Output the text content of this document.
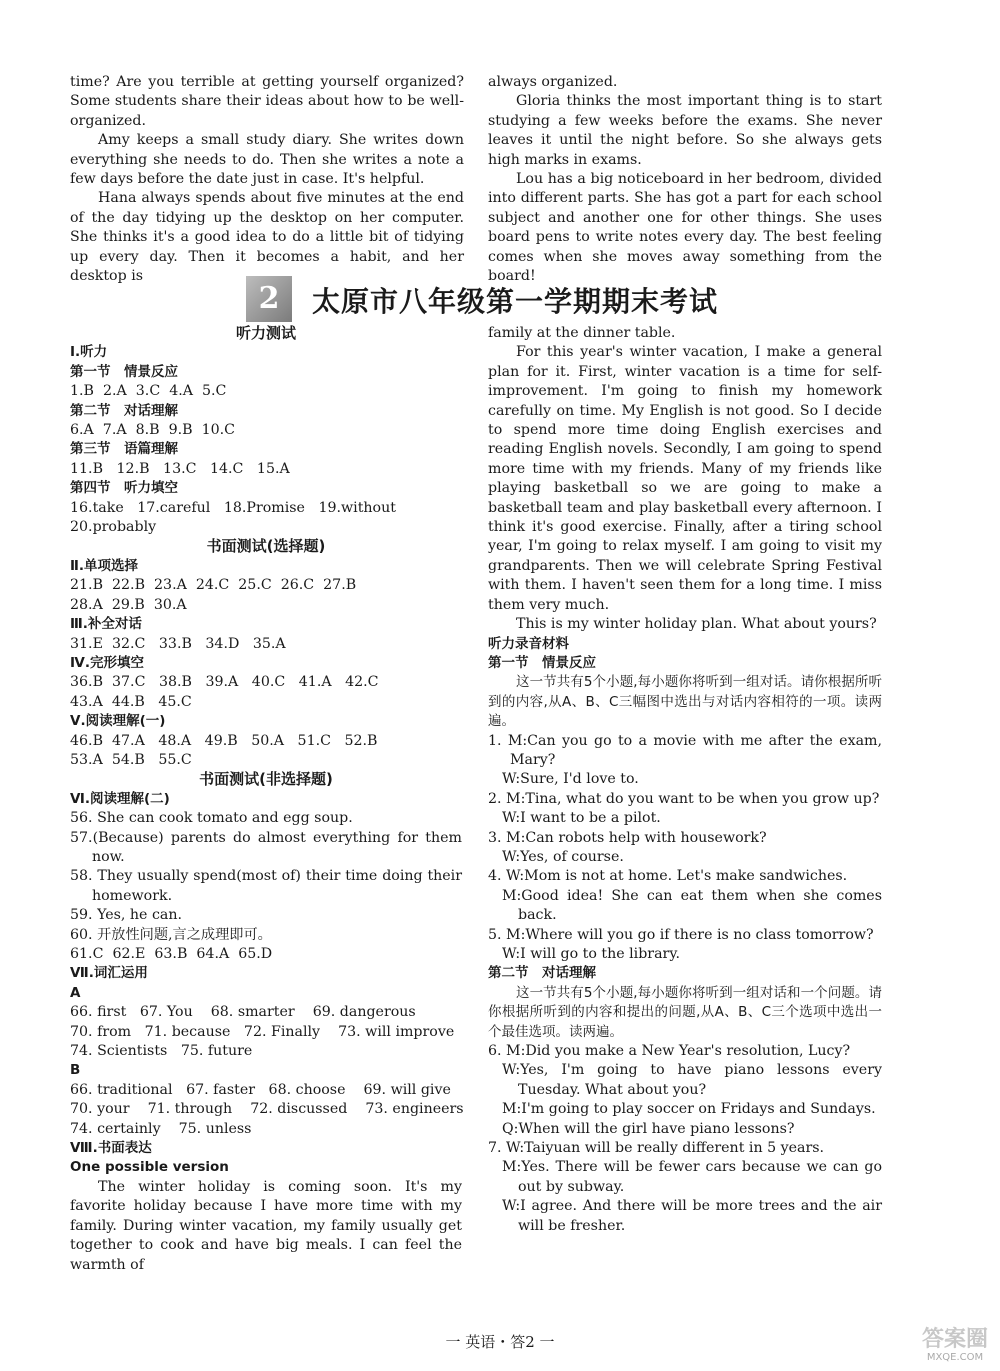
time? Are you terrible at getting yourself organized? Some students share their ideas about how to be well-organized.

Amy keeps a small study diary. She writes down everything she needs to do. Then she writes a note a few days before the date just in case. It's helpful.

Hana always spends about five minutes at the end of the day tidying up the desktop on her computer. She thinks it's a good idea to do a little bit of tidying up every day. Then it becomes a habit, and her desktop is

always organized.

Gloria thinks the most important thing is to start studying a few weeks before the exams. She never leaves it until the night before. So she always gets high marks in exams.

Lou has a big noticeboard in her bedroom, divided into different parts. She has got a part for each school subject and another one for other things. She uses board pens to write notes every day. The best feeling comes when she moves away something from the board!

2	太原市八年级第一学期期末考试

听力测试

Ⅰ.听力

第一节　情景反应

1.B  2.A  3.C  4.A  5.C

第二节　对话理解

6.A  7.A  8.B  9.B  10.C

第三节　语篇理解

11.B   12.B   13.C   14.C   15.A

第四节　听力填空

16.take   17.careful   18.Promise   19.without

20.probably

书面测试(选择题)

Ⅱ.单项选择

21.B  22.B  23.A  24.C  25.C  26.C  27.B

28.A  29.B  30.A

Ⅲ.补全对话

31.E  32.C   33.B   34.D   35.A

Ⅳ.完形填空

36.B  37.C   38.B   39.A   40.C   41.A   42.C

43.A  44.B   45.C

Ⅴ.阅读理解(一)

46.B  47.A   48.A   49.B   50.A   51.C   52.B

53.A  54.B   55.C

书面测试(非选择题)

Ⅵ.阅读理解(二)

56. She can cook tomato and egg soup.

57.(Because) parents do almost everything for them now.

58. They usually spend(most of) their time doing their homework.

59. Yes, he can.

60. 开放性问题,言之成理即可。

61.C  62.E  63.B  64.A  65.D

Ⅶ.词汇运用

A

66. first   67. You    68. smarter    69. dangerous

70. from   71. because   72. Finally    73. will improve

74. Scientists   75. future

B

66. traditional   67. faster   68. choose    69. will give

70. your    71. through    72. discussed    73. engineers

74. certainly    75. unless

Ⅷ.书面表达

One possible version

The winter holiday is coming soon. It's my favorite holiday because I have more time with my family. During winter vacation, my family usually get together to cook and have big meals. I can feel the warmth of

family at the dinner table.

For this year's winter vacation, I make a general plan for it. First, winter vacation is a time for self-improvement. I'm going to finish my homework carefully on time. My English is not good. So I decide to spend more time doing English exercises and reading English novels. Secondly, I am going to spend more time with my friends. Many of my friends like playing basketball so we are going to make a basketball team and play basketball every afternoon. I think it's good exercise. Finally, after a tiring school year, I'm going to relax myself. I am going to visit my grandparents. Then we will celebrate Spring Festival with them. I haven't seen them for a long time. I miss them very much.

This is my winter holiday plan. What about yours?

听力录音材料

第一节　情景反应

这一节共有5个小题,每小题你将听到一组对话。请你根据所听到的内容,从A、B、C三幅图中选出与对话内容相符的一项。读两遍。

1. M:Can you go to a movie with me after the exam, Mary?

W:Sure, I'd love to.

2. M:Tina, what do you want to be when you grow up?

W:I want to be a pilot.

3. M:Can robots help with housework?

W:Yes, of course.

4. W:Mom is not at home. Let's make sandwiches.

M:Good idea! She can eat them when she comes back.

5. M:Where will you go if there is no class tomorrow?

W:I will go to the library.

第二节　对话理解

这一节共有5个小题,每小题你将听到一组对话和一个问题。请你根据所听到的内容和提出的问题,从A、B、C三个选项中选出一个最佳选项。读两遍。

6. M:Did you make a New Year's resolution, Lucy?

W:Yes, I'm going to have piano lessons every Tuesday. What about you?

M:I'm going to play soccer on Fridays and Sundays.

Q:When will the girl have piano lessons?

7. W:Taiyuan will be really different in 5 years.

M:Yes. There will be fewer cars because we can go out by subway.

W:I agree. And there will be more trees and the air will be fresher.

一 英语・答2 一	答案圈
MXQE.COM
